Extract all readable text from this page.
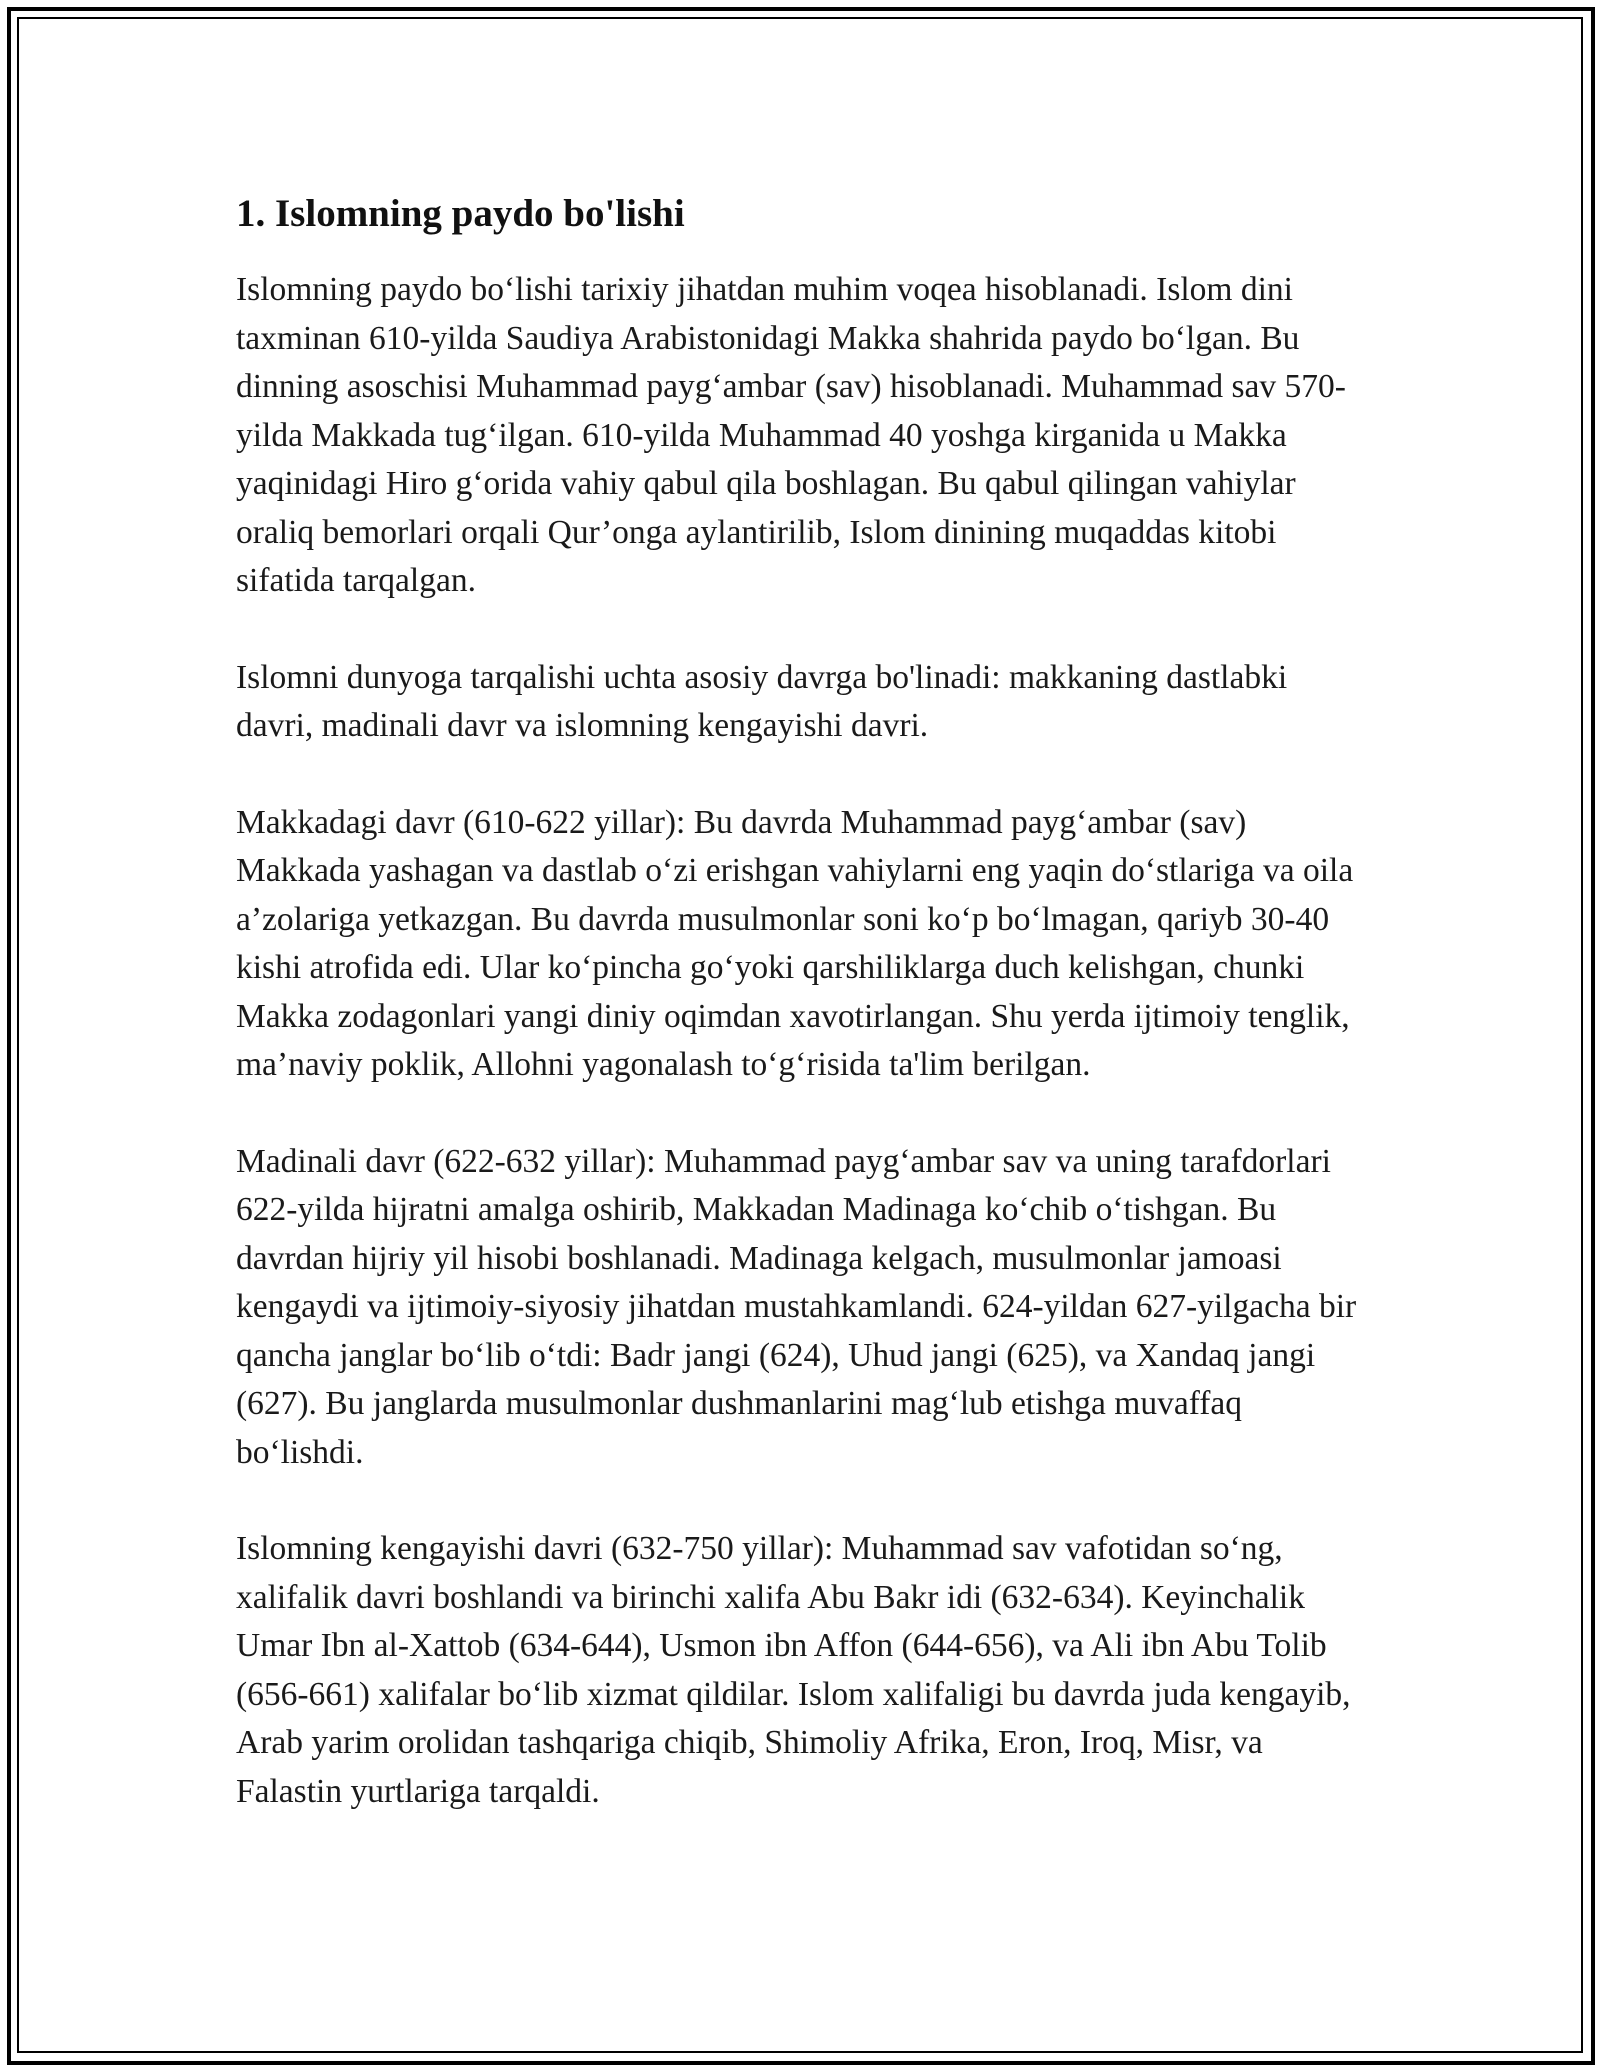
1. Islomning paydo bo'lishi

Islomning paydo bo‘lishi tarixiy jihatdan muhim voqea hisoblanadi. Islom dini taxminan 610-yilda Saudiya Arabistonidagi Makka shahrida paydo bo‘lgan. Bu dinning asoschisi Muhammad payg‘ambar (sav) hisoblanadi. Muhammad sav 570-yilda Makkada tug‘ilgan. 610-yilda Muhammad 40 yoshga kirganida u Makka yaqinidagi Hiro g‘orida vahiy qabul qila boshlagan. Bu qabul qilingan vahiylar oraliq bemorlari orqali Qur’onga aylantirilib, Islom dinining muqaddas kitobi sifatida tarqalgan.

Islomni dunyoga tarqalishi uchta asosiy davrga bo'linadi: makkaning dastlabki davri, madinali davr va islomning kengayishi davri.

Makkadagi davr (610-622 yillar): Bu davrda Muhammad payg‘ambar (sav) Makkada yashagan va dastlab o‘zi erishgan vahiylarni eng yaqin do‘stlariga va oila a’zolariga yetkazgan. Bu davrda musulmonlar soni ko‘p bo‘lmagan, qariyb 30-40 kishi atrofida edi. Ular ko‘pincha go‘yoki qarshiliklarga duch kelishgan, chunki Makka zodagonlari yangi diniy oqimdan xavotirlangan. Shu yerda ijtimoiy tenglik, ma’naviy poklik, Allohni yagonalash to‘g‘risida ta'lim berilgan.

Madinali davr (622-632 yillar): Muhammad payg‘ambar sav va uning tarafdorlari 622-yilda hijratni amalga oshirib, Makkadan Madinaga ko‘chib o‘tishgan. Bu davrdan hijriy yil hisobi boshlanadi. Madinaga kelgach, musulmonlar jamoasi kengaydi va ijtimoiy-siyosiy jihatdan mustahkamlandi. 624-yildan 627-yilgacha bir qancha janglar bo‘lib o‘tdi: Badr jangi (624), Uhud jangi (625), va Xandaq jangi (627). Bu janglarda musulmonlar dushmanlarini mag‘lub etishga muvaffaq bo‘lishdi.

Islomning kengayishi davri (632-750 yillar): Muhammad sav vafotidan so‘ng, xalifalik davri boshlandi va birinchi xalifa Abu Bakr idi (632-634). Keyinchalik Umar Ibn al-Xattob (634-644), Usmon ibn Affon (644-656), va Ali ibn Abu Tolib (656-661) xalifalar bo‘lib xizmat qildilar. Islom xalifaligi bu davrda juda kengayib, Arab yarim orolidan tashqariga chiqib, Shimoliy Afrika, Eron, Iroq, Misr, va Falastin yurtlariga tarqaldi.
